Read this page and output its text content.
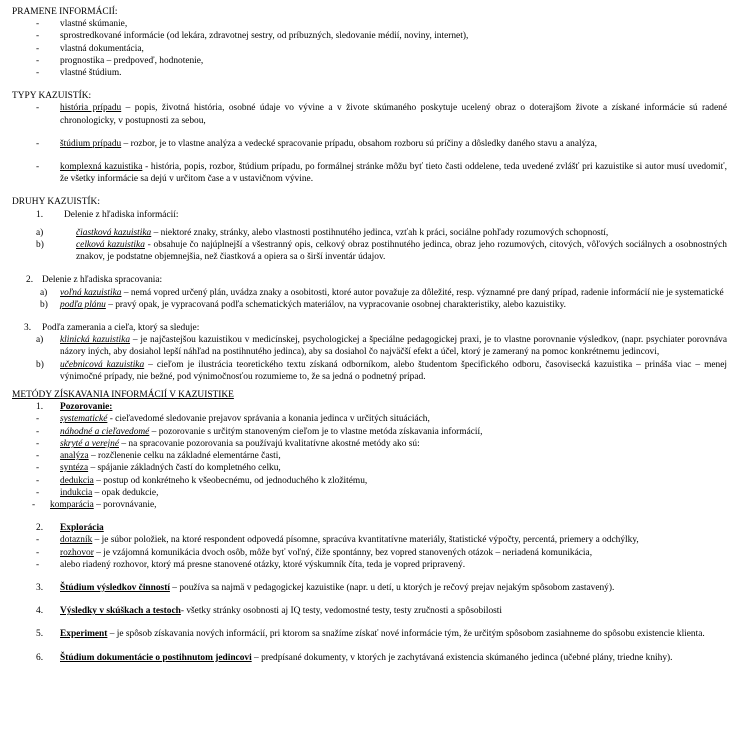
PRAMENE INFORMÁCIÍ:
-	vlastné skúmanie,
-	sprostredkované informácie (od lekára, zdravotnej sestry, od príbuzných, sledovanie médií, noviny, internet),
-	vlastná dokumentácia,
-	prognostika – predpoveď, hodnotenie,
-	vlastné štúdium.
TYPY KAZUISTÍK:
-	história prípadu – popis, životná história, osobné údaje vo vývine a v živote skúmaného poskytuje ucelený obraz o doterajšom živote a získané informácie sú radené chronologicky, v postupnosti za sebou,
-	štúdium prípadu – rozbor, je to vlastne analýza a vedecké spracovanie prípadu, obsahom rozboru sú príčiny a dôsledky daného stavu a analýza,
-	komplexná kazuistika - história, popis, rozbor, štúdium prípadu, po formálnej stránke môžu byť tieto časti oddelene, teda uvedené zvlášť pri kazuistike si autor musí uvedomiť, že všetky informácie sa dejú v určitom čase a v ustavičnom vývine.
DRUHY KAZUISTÍK:
1.	Delenie z hľadiska informácií:
a)	čiastková kazuistika – niektoré znaky, stránky, alebo vlastnosti postihnutého jedinca, vzťah k práci, sociálne pohľady rozumových schopností,
b)	celková kazuistika - obsahuje čo najúplnejší a všestranný opis, celkový obraz postihnutého jedinca, obraz jeho rozumových, citových, vôľových sociálnych a osobnostných znakov, je podstatne objemnejšia, než čiastková a opiera sa o širší inventár údajov.
2. Delenie z hľadiska spracovania:
a)	voľná kazuistika – nemá vopred určený plán, uvádza znaky a osobitosti, ktoré autor považuje za dôležité, resp. významné pre daný prípad, radenie informácií nie je systematické
b)	podľa plánu – pravý opak, je vypracovaná podľa schematických materiálov, na vypracovanie osobnej charakteristiky, alebo kazuistiky.
3.	Podľa zamerania a cieľa, ktorý sa sleduje:
a)	klinická kazuistika – je najčastejšou kazuistikou v medicínskej, psychologickej a špeciálne pedagogickej praxi, je to vlastne porovnanie výsledkov, (napr. psychiater porovnáva názory iných, aby dosiahol lepší náhľad na postihnutého jedinca), aby sa dosiahol čo najväčší efekt a účel, ktorý je zameraný na pomoc konkrétnemu jedincovi,
b)	učebnicová kazuistika – cieľom je ilustrácia teoretického textu získaná odborníkom, alebo študentom špecifického odboru, časovisecká kazuistika – prináša viac – menej výnimočné prípady, nie bežné, pod výnimočnosťou rozumieme to, že sa jedná o podnetný prípad.
METÓDY ZÍSKAVANIA INFORMÁCIÍ V KAZUISTIKE
1.	Pozorovanie:
-	systematické - cieľavedomé sledovanie prejavov správania a konania jedinca v určitých situáciách,
-	náhodné a cieľavedomé – pozorovanie s určitým stanoveným cieľom je to vlastne metóda získavania informácií,
-	skryté a verejné – na spracovanie pozorovania sa používajú kvalitatívne akostné metódy ako sú:
-	analýza – rozčlenenie celku na základné elementárne časti,
-	syntéza – spájanie základných častí do kompletného celku,
-	dedukcia – postup od konkrétneho k všeobecnému, od jednoduchého k zložitému,
-	indukcia – opak dedukcie,
-	komparácia – porovnávanie,
2.	Explorácia
-	dotazník – je súbor položiek, na ktoré respondent odpovedá písomne, spracúva kvantitatívne materiály, štatistické výpočty, percentá, priemery a odchýlky,
-	rozhovor – je vzájomná komunikácia dvoch osôb, môže byť voľný, čiže spontánny, bez vopred stanovených otázok – neriadená komunikácia,
-	alebo riadený rozhovor, ktorý má presne stanovené otázky, ktoré výskumník číta, teda je vopred pripravený.
3.	Štúdium výsledkov činností – používa sa najmä v pedagogickej kazuistike (napr. u detí, u ktorých je rečový prejav nejakým spôsobom zastavený).
4.	Výsledky v skúškach a testoch- všetky stránky osobnosti aj IQ testy, vedomostné testy, testy zručnosti a spôsobilosti
5.	Experiment – je spôsob získavania nových informácií, pri ktorom sa snažíme získať nové informácie tým, že určitým spôsobom zasiahneme do spôsobu existencie klienta.
6.	Štúdium dokumentácie o postihnutom jedincovi – predpísané dokumenty, v ktorých je zachytávaná existencia skúmaného jedinca (učebné plány, triedne knihy).
